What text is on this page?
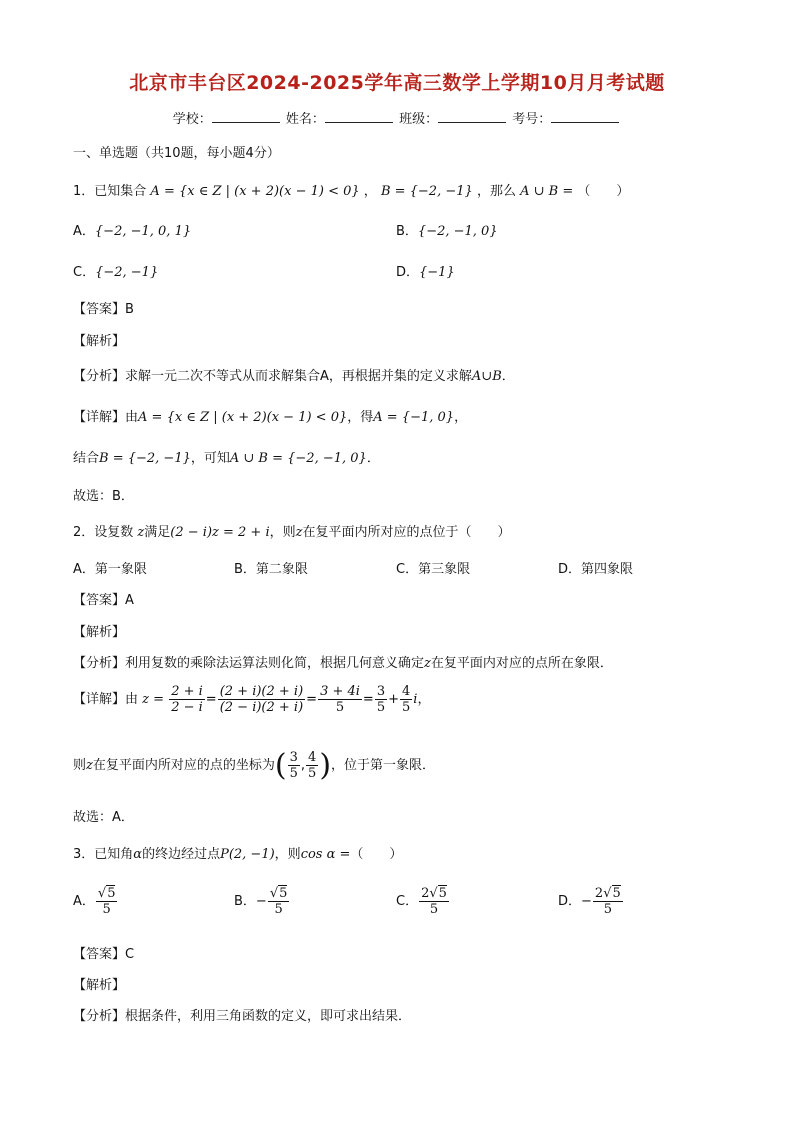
北京市丰台区2024-2025学年高三数学上学期10月月考试题
学校：	姓名：	班级：	考号：
一、单选题（共10题，每小题4分）
1．已知集合 A = {x ∈ Z | (x + 2)(x − 1) < 0} ， B = {−2, −1} ，那么 A ∪ B = （　　）
A．{−2, −1, 0, 1}	B．{−2, −1, 0}
C．{−2, −1}	D．{−1}
【答案】B
【解析】
【分析】求解一元二次不等式从而求解集合A，再根据并集的定义求解A∪B．
【详解】由A = {x ∈ Z | (x + 2)(x − 1) < 0}，得A = {−1, 0}，
结合B = {−2, −1}，可知A ∪ B = {−2, −1, 0}．
故选：B．
2．设复数 z满足(2 − i)z = 2 + i，则z在复平面内所对应的点位于（　　）
A．第一象限	B．第二象限	C．第三象限	D．第四象限
【答案】A
【解析】
【分析】利用复数的乘除法运算法则化简，根据几何意义确定z在复平面内对应的点所在象限．
【详解】由 $z = \frac{2 + i}{2 - i} = \frac{(2 + i)(2 + i)}{(2 - i)(2 + i)} = \frac{3 + 4i}{5} = \frac{3}{5} + \frac{4}{5}$ i，
则z在复平面内所对应的点的坐标为( $\frac{3}{5}$ , $\frac{4}{5}$ )，位于第一象限．
故选：A．
3．已知角α的终边经过点P(2, −1)，则cos α =（　　）
A． $\frac{√5}{5}$	B．− $\frac{√5}{5}$	C． $\frac{2√5}{5}$	D．− $\frac{2√5}{5}$
【答案】C
【解析】
【分析】根据条件，利用三角函数的定义，即可求出结果．
